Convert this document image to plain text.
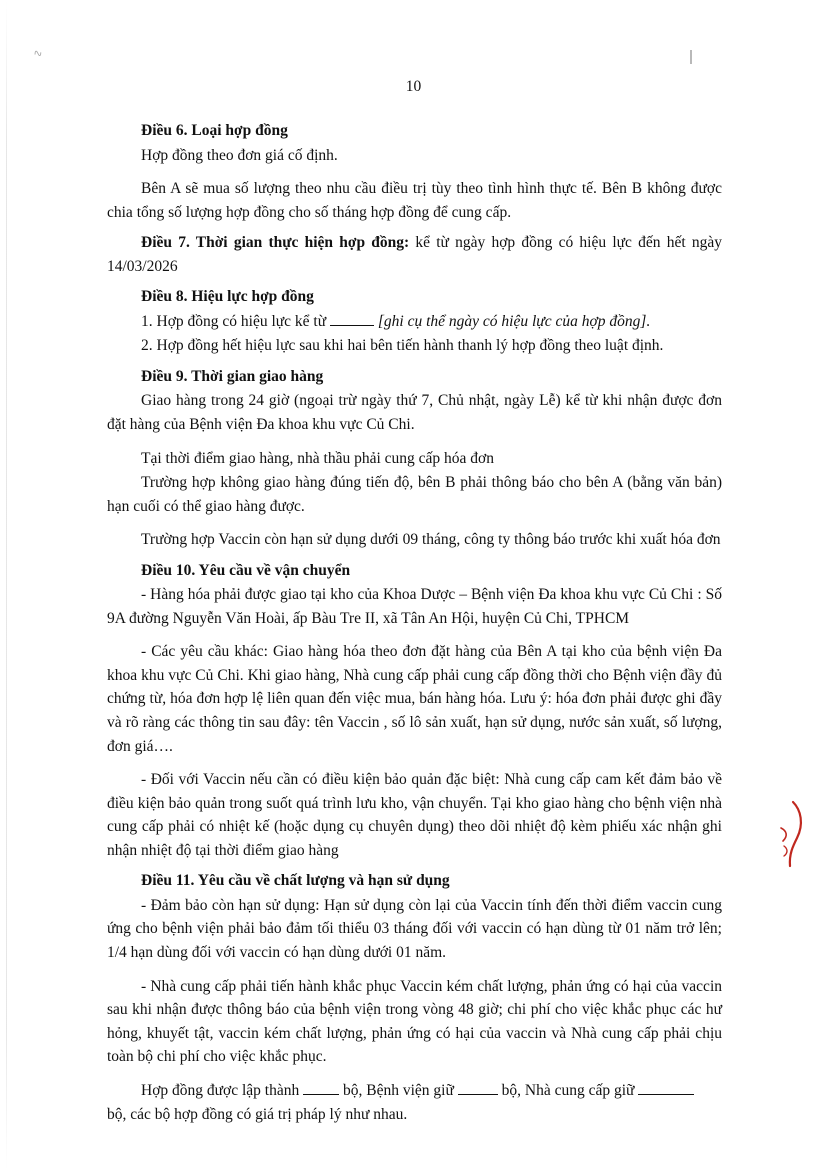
∿
10

Điều 6. Loại hợp đồng

Hợp đồng theo đơn giá cố định.

Bên A sẽ mua số lượng theo nhu cầu điều trị tùy theo tình hình thực tế. Bên B không được chia tổng số lượng hợp đồng cho số tháng hợp đồng để cung cấp.

Điều 7. Thời gian thực hiện hợp đồng: kể từ ngày hợp đồng có hiệu lực đến hết ngày 14/03/2026

Điều 8. Hiệu lực hợp đồng

1. Hợp đồng có hiệu lực kể từ	[ghi cụ thể ngày có hiệu lực của hợp đồng].

2. Hợp đồng hết hiệu lực sau khi hai bên tiến hành thanh lý hợp đồng theo luật định.

Điều 9. Thời gian giao hàng

Giao hàng trong 24 giờ (ngoại trừ ngày thứ 7, Chủ nhật, ngày Lễ) kể từ khi nhận được đơn đặt hàng của Bệnh viện Đa khoa khu vực Củ Chi.

Tại thời điểm giao hàng, nhà thầu phải cung cấp hóa đơn

Trường hợp không giao hàng đúng tiến độ, bên B phải thông báo cho bên A (bằng văn bản) hạn cuối có thể giao hàng được.

Trường hợp Vaccin còn hạn sử dụng dưới 09 tháng, công ty thông báo trước khi xuất hóa đơn

Điều 10. Yêu cầu về vận chuyển

- Hàng hóa phải được giao tại kho của Khoa Dược – Bệnh viện Đa khoa khu vực Củ Chi : Số 9A đường Nguyễn Văn Hoài, ấp Bàu Tre II, xã Tân An Hội, huyện Củ Chi, TPHCM

- Các yêu cầu khác: Giao hàng hóa theo đơn đặt hàng của Bên A tại kho của bệnh viện Đa khoa khu vực Củ Chi. Khi giao hàng, Nhà cung cấp phải cung cấp đồng thời cho Bệnh viện đầy đủ chứng từ, hóa đơn hợp lệ liên quan đến việc mua, bán hàng hóa. Lưu ý: hóa đơn phải được ghi đầy và rõ ràng các thông tin sau đây: tên Vaccin , số lô sản xuất, hạn sử dụng, nước sản xuất, số lượng, đơn giá….

- Đối với Vaccin nếu cần có điều kiện bảo quản đặc biệt: Nhà cung cấp cam kết đảm bảo về điều kiện bảo quản trong suốt quá trình lưu kho, vận chuyển. Tại kho giao hàng cho bệnh viện nhà cung cấp phải có nhiệt kế (hoặc dụng cụ chuyên dụng) theo dõi nhiệt độ kèm phiếu xác nhận ghi nhận nhiệt độ tại thời điểm giao hàng

Điều 11. Yêu cầu về chất lượng và hạn sử dụng

- Đảm bảo còn hạn sử dụng: Hạn sử dụng còn lại của Vaccin tính đến thời điểm vaccin cung ứng cho bệnh viện phải bảo đảm tối thiểu 03 tháng đối với vaccin có hạn dùng từ 01 năm trở lên; 1/4 hạn dùng đối với vaccin có hạn dùng dưới 01 năm.

- Nhà cung cấp phải tiến hành khắc phục Vaccin kém chất lượng, phản ứng có hại của vaccin sau khi nhận được thông báo của bệnh viện trong vòng 48 giờ; chi phí cho việc khắc phục các hư hỏng, khuyết tật, vaccin kém chất lượng, phản ứng có hại của vaccin và Nhà cung cấp phải chịu toàn bộ chi phí cho việc khắc phục.

Hợp đồng được lập thành  bộ, Bệnh viện giữ	bộ, Nhà cung cấp giữ

bộ, các bộ hợp đồng có giá trị pháp lý như nhau.
